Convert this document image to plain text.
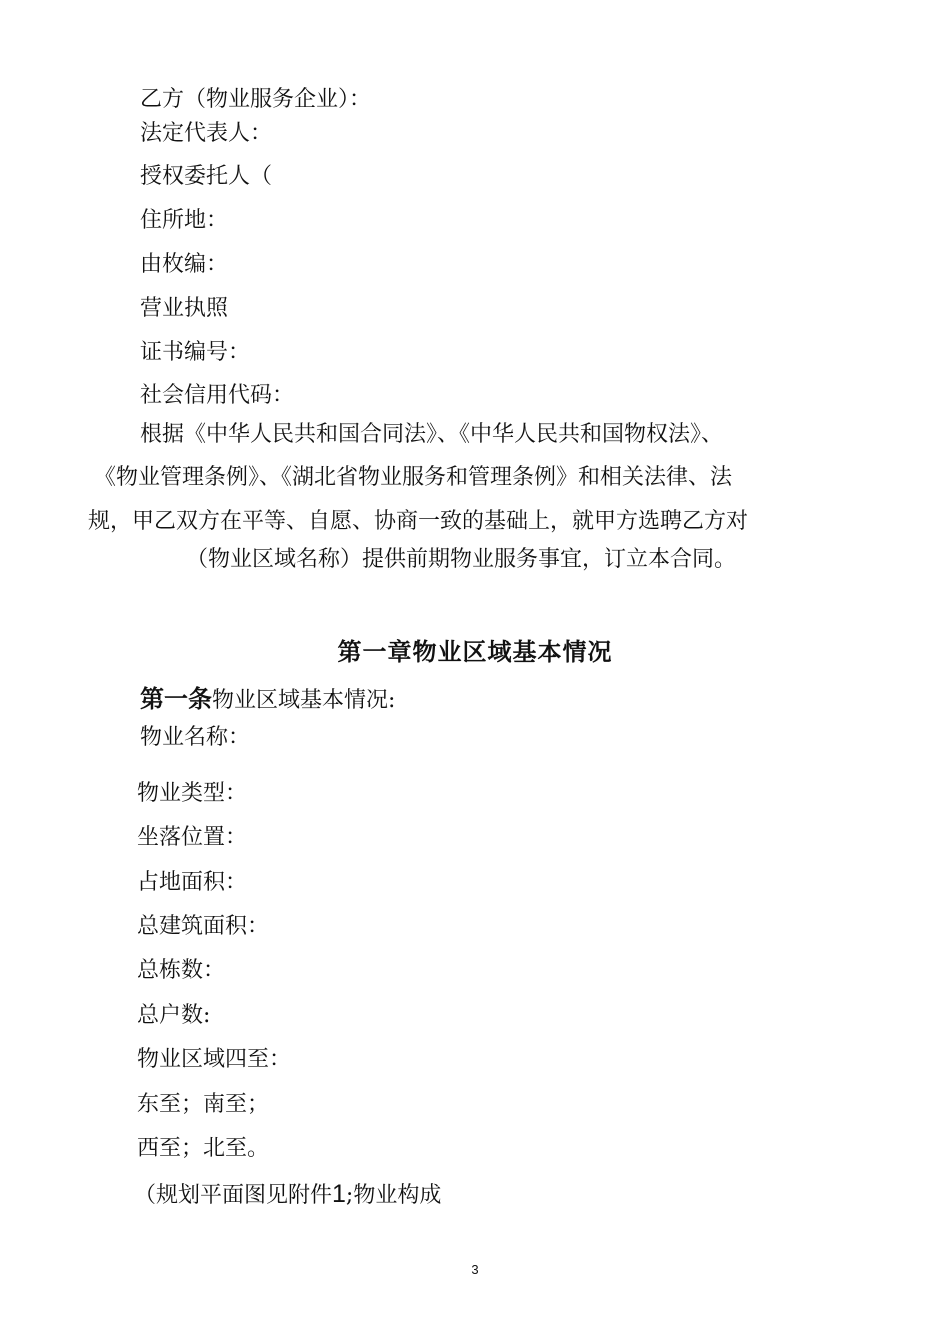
乙方（物业服务企业）：
法定代表人：
授权委托人（
住所地：
由枚编：
营业执照
证书编号：
社会信用代码：
根据《中华人民共和国合同法》、《中华人民共和国物权法》、
《物业管理条例》、《湖北省物业服务和管理条例》和相关法律、法
规，甲乙双方在平等、自愿、协商一致的基础上，就甲方选聘乙方对
（物业区域名称）提供前期物业服务事宜，订立本合同。
第一章物业区域基本情况
第一条物业区域基本情况:
物业名称：
物业类型：
坐落位置：
占地面积：
总建筑面积：
总栋数：
总户数:
物业区域四至：
东至；南至；
西至；北至。
（规划平面图见附件1;物业构成
3
